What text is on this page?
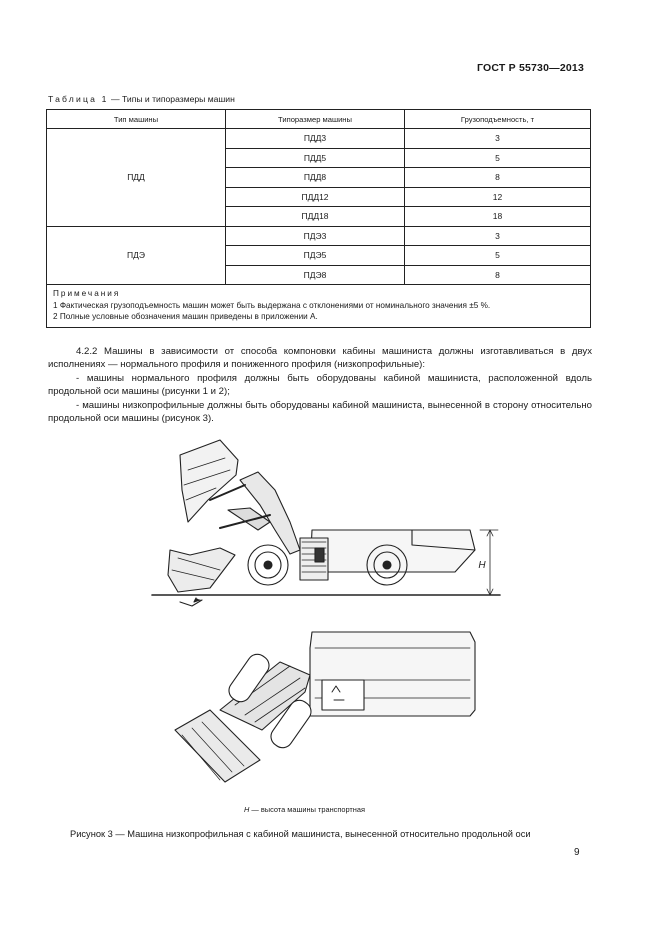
ГОСТ Р 55730—2013
Таблица 1 — Типы и типоразмеры машин
Тип машины	Типоразмер машины	Грузоподъемность, т
ПДД	ПДД3	3
	ПДД5	5
	ПДД8	8
	ПДД12	12
	ПДД18	18
ПДЭ	ПДЭ3	3
	ПДЭ5	5
	ПДЭ8	8

Примечания
1 Фактическая грузоподъемность машин может быть выдержана с отклонениями от номинального значения ±5 %.
2 Полные условные обозначения машин приведены в приложении А.		

4.2.2 Машины в зависимости от способа компоновки кабины машиниста должны изготавливаться в двух исполнениях — нормального профиля и пониженного профиля (низкопрофильные):

- машины нормального профиля должны быть оборудованы кабиной машиниста, расположенной вдоль продольной оси машины (рисунки 1 и 2);

- машины низкопрофильные должны быть оборудованы кабиной машиниста, вынесенной в сторону относительно продольной оси машины (рисунок 3).

H
H — высота машины транспортная
Рисунок 3 — Машина низкопрофильная с кабиной машиниста, вынесенной относительно продольной оси
9
